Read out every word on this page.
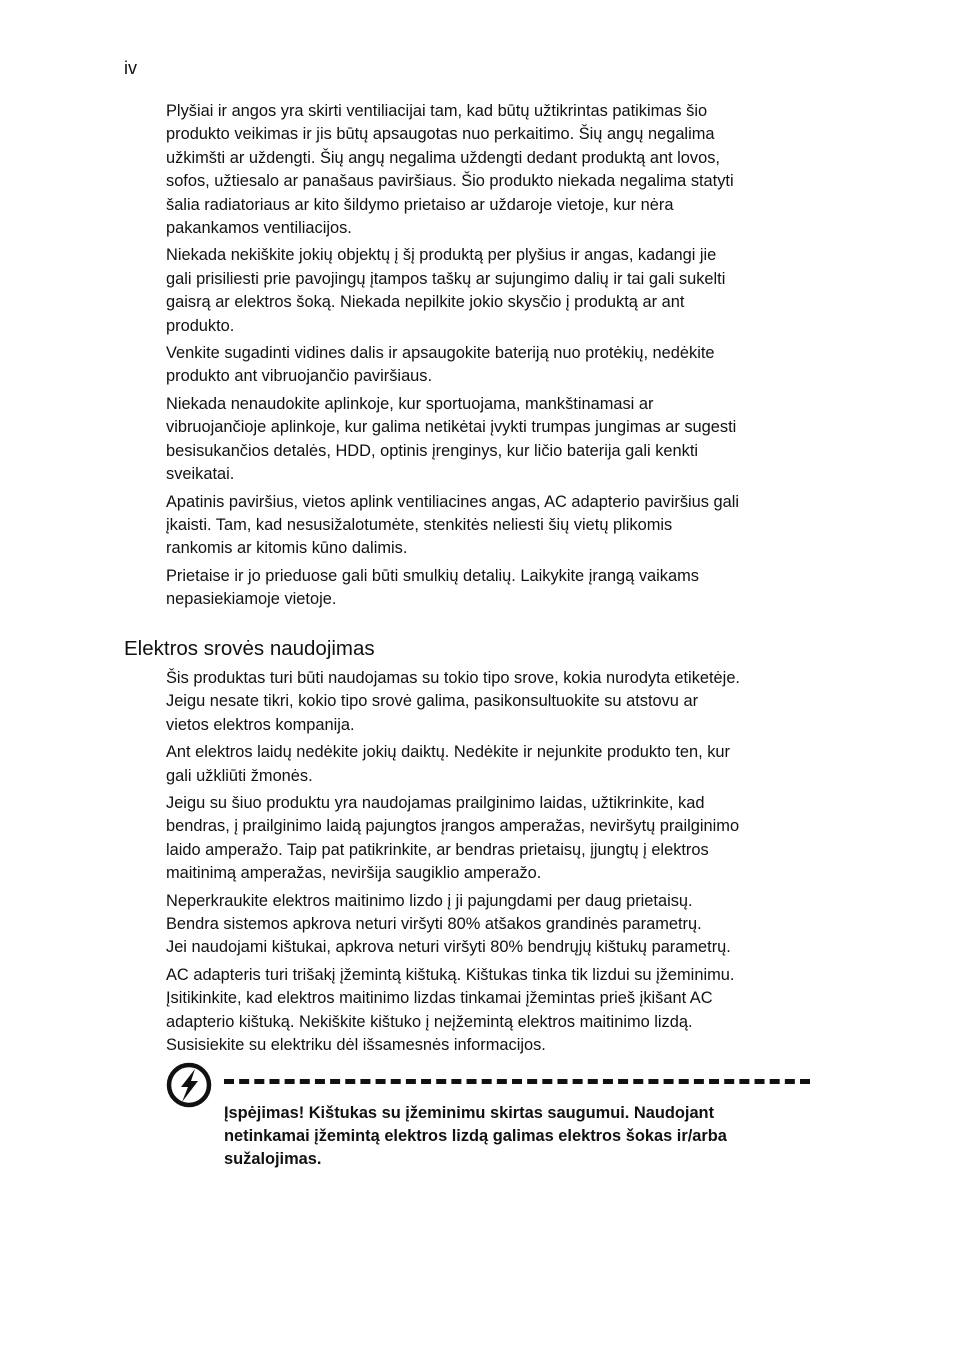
iv

Plyšiai ir angos yra skirti ventiliacijai tam, kad būtų užtikrintas patikimas šio
produkto veikimas ir jis būtų apsaugotas nuo perkaitimo. Šių angų negalima
užkimšti ar uždengti. Šių angų negalima uždengti dedant produktą ant lovos,
sofos, užtiesalo ar panašaus paviršiaus. Šio produkto niekada negalima statyti
šalia radiatoriaus ar kito šildymo prietaiso ar uždaroje vietoje, kur nėra
pakankamos ventiliacijos.

Niekada nekiškite jokių objektų į šį produktą per plyšius ir angas, kadangi jie
gali prisiliesti prie pavojingų įtampos taškų ar sujungimo dalių ir tai gali sukelti
gaisrą ar elektros šoką. Niekada nepilkite jokio skysčio į produktą ar ant
produkto.

Venkite sugadinti vidines dalis ir apsaugokite bateriją nuo protėkių, nedėkite
produkto ant vibruojančio paviršiaus.

Niekada nenaudokite aplinkoje, kur sportuojama, mankštinamasi ar
vibruojančioje aplinkoje, kur galima netikėtai įvykti trumpas jungimas ar sugesti
besisukančios detalės, HDD, optinis įrenginys, kur ličio baterija gali kenkti
sveikatai.

Apatinis paviršius, vietos aplink ventiliacines angas, AC adapterio paviršius gali
įkaisti. Tam, kad nesusižalotumėte, stenkitės neliesti šių vietų plikomis
rankomis ar kitomis kūno dalimis.

Prietaise ir jo prieduose gali būti smulkių detalių. Laikykite įrangą vaikams
nepasiekiamoje vietoje.

Elektros srovės naudojimas

Šis produktas turi būti naudojamas su tokio tipo srove, kokia nurodyta etiketėje.
Jeigu nesate tikri, kokio tipo srovė galima, pasikonsultuokite su atstovu ar
vietos elektros kompanija.

Ant elektros laidų nedėkite jokių daiktų. Nedėkite ir nejunkite produkto ten, kur
gali užkliūti žmonės.

Jeigu su šiuo produktu yra naudojamas prailginimo laidas, užtikrinkite, kad
bendras, į prailginimo laidą pajungtos įrangos amperažas, neviršytų prailginimo
laido amperažo. Taip pat patikrinkite, ar bendras prietaisų, įjungtų į elektros
maitinimą amperažas, neviršija saugiklio amperažo.

Neperkraukite elektros maitinimo lizdo į ji pajungdami per daug prietaisų.
Bendra sistemos apkrova neturi viršyti 80% atšakos grandinės parametrų.
Jei naudojami kištukai, apkrova neturi viršyti 80% bendrųjų kištukų parametrų.

AC adapteris turi trišakį įžemintą kištuką. Kištukas tinka tik lizdui su įžeminimu.
Įsitikinkite, kad elektros maitinimo lizdas tinkamai įžemintas prieš įkišant AC
adapterio kištuką. Nekiškite kištuko į neįžemintą elektros maitinimo lizdą.
Susisiekite su elektriku dėl išsamesnės informacijos.

Įspėjimas! Kištukas su įžeminimu skirtas saugumui. Naudojant
netinkamai įžemintą elektros lizdą galimas elektros šokas ir/arba
sužalojimas.
